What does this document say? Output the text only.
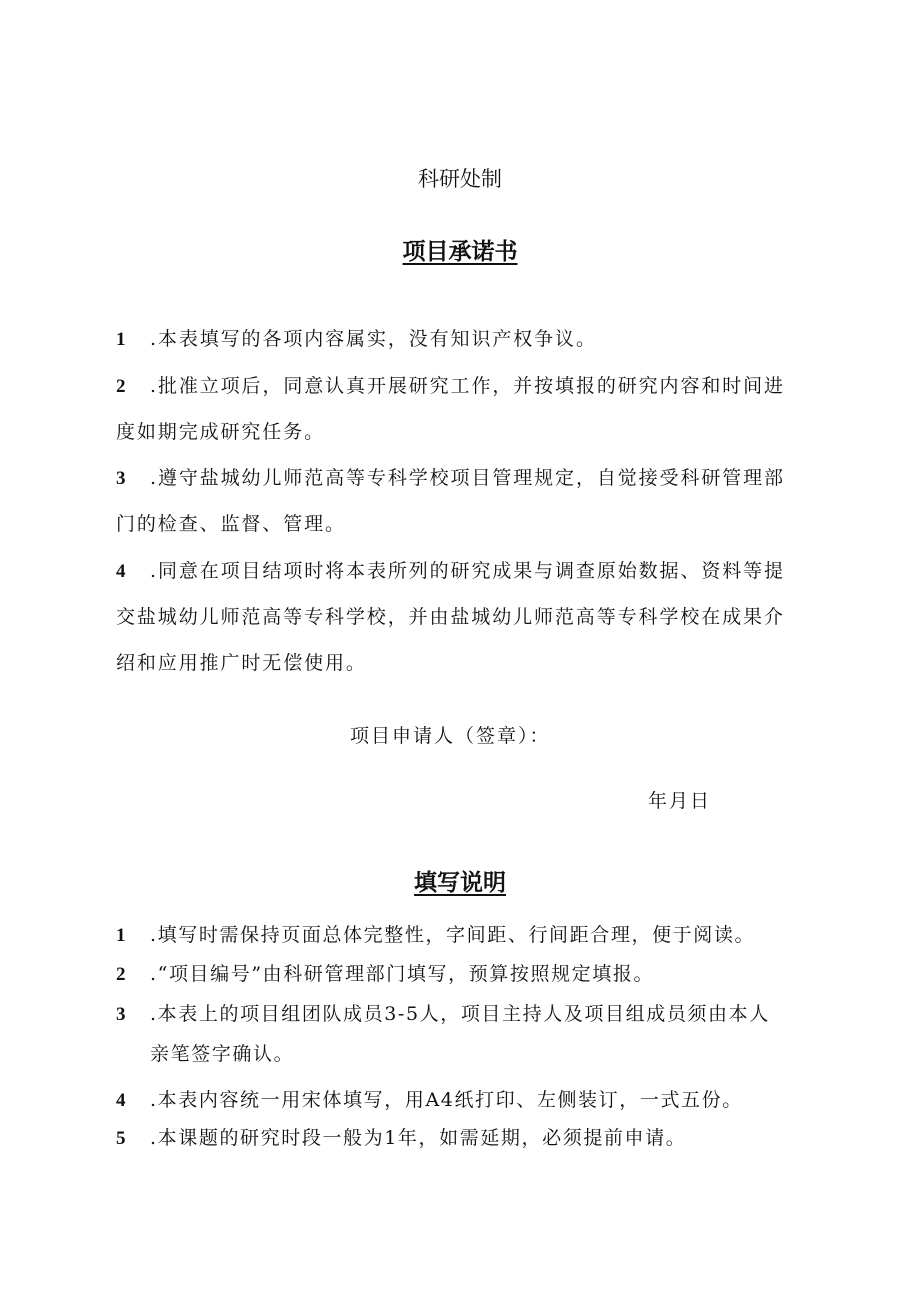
科研处制
项目承诺书
1 .本表填写的各项内容属实，没有知识产权争议。
2 .批准立项后，同意认真开展研究工作，并按填报的研究内容和时间进
度如期完成研究任务。
3 .遵守盐城幼儿师范高等专科学校项目管理规定，自觉接受科研管理部
门的检查、监督、管理。
4 .同意在项目结项时将本表所列的研究成果与调查原始数据、资料等提
交盐城幼儿师范高等专科学校，并由盐城幼儿师范高等专科学校在成果介
绍和应用推广时无偿使用。
项目申请人（签章）：
年月日
填写说明
1 .填写时需保持页面总体完整性，字间距、行间距合理，便于阅读。
2 .“项目编号”由科研管理部门填写，预算按照规定填报。
3 .本表上的项目组团队成员3-5人，项目主持人及项目组成员须由本人
亲笔签字确认。
4 .本表内容统一用宋体填写，用A4纸打印、左侧装订，一式五份。
5 .本课题的研究时段一般为1年，如需延期，必须提前申请。
